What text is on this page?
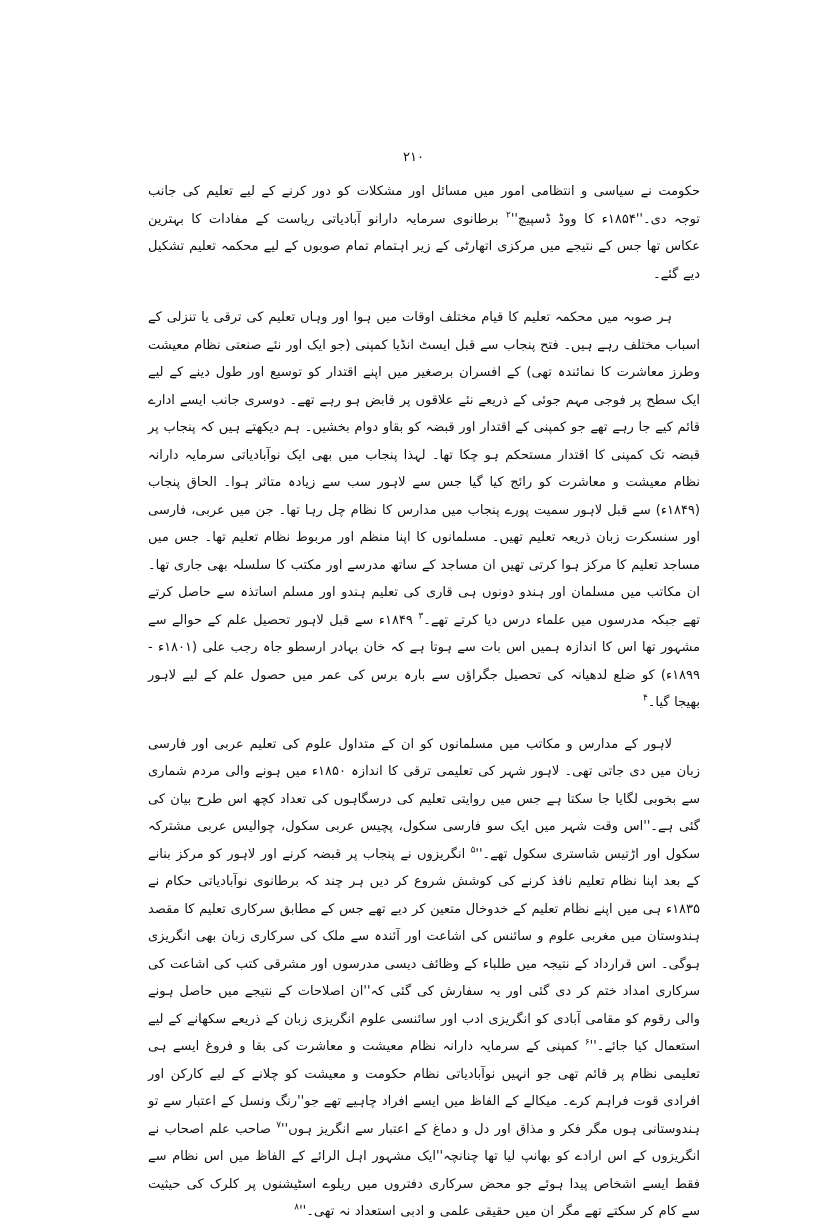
۲۱۰

حکومت نے سیاسی و انتظامی امور میں مسائل اور مشکلات کو دور کرنے کے لیے تعلیم کی جانب توجہ دی۔''۱۸۵۴ء کا ووڈ ڈسپیچ''$^۲$ برطانوی سرمایہ دارانو آبادیاتی ریاست کے مفادات کا بہترین عکاس تھا جس کے نتیجے میں مرکزی اتھارٹی کے زیر اہتمام تمام صوبوں کے لیے محکمہ تعلیم تشکیل دیے گئے۔

ہر صوبہ میں محکمہ تعلیم کا قیام مختلف اوقات میں ہوا اور وہاں تعلیم کی ترقی یا تنزلی کے اسباب مختلف رہے ہیں۔ فتح پنجاب سے قبل ایسٹ انڈیا کمپنی (جو ایک اور نئے صنعتی نظام معیشت وطرز معاشرت کا نمائندہ تھی) کے افسران برصغیر میں اپنے اقتدار کو توسیع اور طول دینے کے لیے ایک سطح پر فوجی مہم جوئی کے ذریعے نئے علاقوں پر قابض ہو رہے تھے۔ دوسری جانب ایسے ادارے قائم کیے جا رہے تھے جو کمپنی کے اقتدار اور قبضہ کو بقاو دوام بخشیں۔ ہم دیکھتے ہیں کہ پنجاب پر قبضہ تک کمپنی کا اقتدار مستحکم ہو چکا تھا۔ لہذا پنجاب میں بھی ایک نوآبادیاتی سرمایہ دارانہ نظام معیشت و معاشرت کو رائج کیا گیا جس سے لاہور سب سے زیادہ متاثر ہوا۔ الحاق پنجاب (۱۸۴۹ء) سے قبل لاہور سمیت پورے پنجاب میں مدارس کا نظام چل رہا تھا۔ جن میں عربی، فارسی اور سنسکرت زبان ذریعہ تعلیم تھیں۔ مسلمانوں کا اپنا منظم اور مربوط نظام تعلیم تھا۔ جس میں مساجد تعلیم کا مرکز ہوا کرتی تھیں ان مساجد کے ساتھ مدرسے اور مکتب کا سلسلہ بھی جاری تھا۔ ان مکاتب میں مسلمان اور ہندو دونوں ہی قاری کی تعلیم ہندو اور مسلم اساتذہ سے حاصل کرتے تھے جبکہ مدرسوں میں علماء درس دیا کرتے تھے۔$^۳$ ۱۸۴۹ء سے قبل لاہور تحصیل علم کے حوالے سے مشہور تھا اس کا اندازہ ہمیں اس بات سے ہوتا ہے کہ خان بہادر ارسطو جاہ رجب علی (۱۸۰۱ء - ۱۸۹۹ء) کو ضلع لدھیانہ کی تحصیل جگراؤں سے بارہ برس کی عمر میں حصول علم کے لیے لاہور بھیجا گیا۔$^۴$

لاہور کے مدارس و مکاتب میں مسلمانوں کو ان کے متداول علوم کی تعلیم عربی اور فارسی زبان میں دی جاتی تھی۔ لاہور شہر کی تعلیمی ترقی کا اندازہ ۱۸۵۰ء میں ہونے والی مردم شماری سے بخوبی لگایا جا سکتا ہے جس میں روایتی تعلیم کی درسگاہوں کی تعداد کچھ اس طرح بیان کی گئی ہے۔''اس وقت شہر میں ایک سو فارسی سکول، پچیس عربی سکول، چوالیس عربی مشترکہ سکول اور اڑتیس شاستری سکول تھے۔''$^۵$ انگریزوں نے پنجاب پر قبضہ کرنے اور لاہور کو مرکز بنانے کے بعد اپنا نظام تعلیم نافذ کرنے کی کوشش شروع کر دیں ہر چند کہ برطانوی نوآبادیاتی حکام نے ۱۸۳۵ء ہی میں اپنے نظام تعلیم کے خدوخال متعین کر دیے تھے جس کے مطابق سرکاری تعلیم کا مقصد ہندوستان میں مغربی علوم و سائنس کی اشاعت اور آئندہ سے ملک کی سرکاری زبان بھی انگریزی ہوگی۔ اس قرارداد کے نتیجہ میں طلباء کے وظائف دیسی مدرسوں اور مشرقی کتب کی اشاعت کی سرکاری امداد ختم کر دی گئی اور یہ سفارش کی گئی کہ''ان اصلاحات کے نتیجے میں حاصل ہونے والی رقوم کو مقامی آبادی کو انگریزی ادب اور سائنسی علوم انگریزی زبان کے ذریعے سکھانے کے لیے استعمال کیا جائے۔''$^۶$ کمپنی کے سرمایہ دارانہ نظام معیشت و معاشرت کی بقا و فروغ ایسے ہی تعلیمی نظام پر قائم تھی جو انہیں نوآبادیاتی نظام حکومت و معیشت کو چلانے کے لیے کارکن اور افرادی قوت فراہم کرے۔ میکالے کے الفاظ میں ایسے افراد چاہیے تھے جو''رنگ ونسل کے اعتبار سے تو ہندوستانی ہوں مگر فکر و مذاق اور دل و دماغ کے اعتبار سے انگریز ہوں''$^۷$ صاحب علم اصحاب نے انگریزوں کے اس ارادے کو بھانپ لیا تھا چنانچہ''ایک مشہور اہل الرائے کے الفاظ میں اس نظام سے فقط ایسے اشخاص پیدا ہوئے جو محض سرکاری دفتروں میں ریلوے اسٹیشنوں پر کلرک کی حیثیت سے کام کر سکتے تھے مگر ان میں حقیقی علمی و ادبی استعداد نہ تھی۔''$^۸$
